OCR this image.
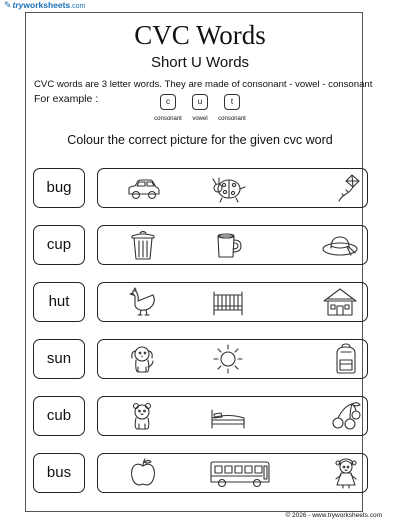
✎tryworksheets.com
CVC Words
Short U Words
CVC words are 3 letter words. They are made of consonant - vowel - consonant
For example :	c	u	t
consonant	vowel	consonant
Colour the correct picture for the given cvc word
bug
cup
hut
sun
cub
bus
© 2026 - www.tryworksheets.com
